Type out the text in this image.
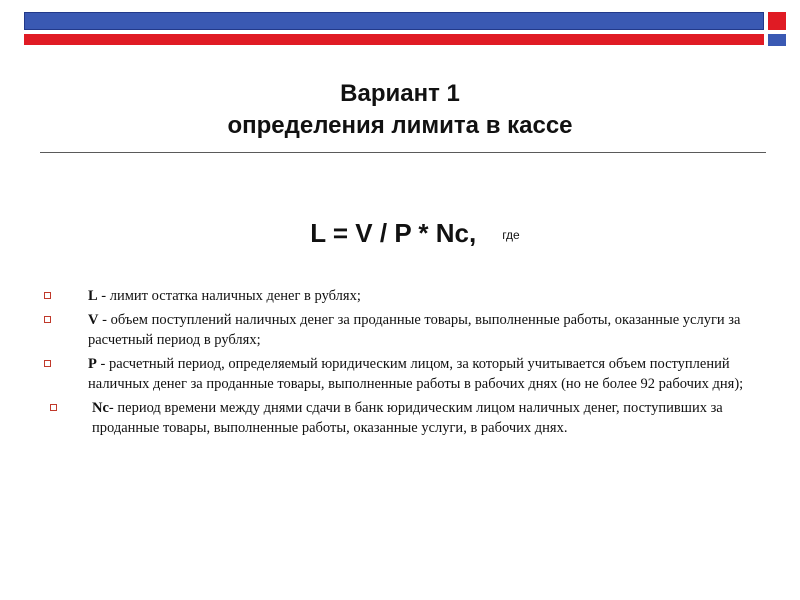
Вариант 1
определения лимита в кассе
L = V / P * Nc, где
L - лимит остатка наличных денег в рублях;
V - объем поступлений наличных денег за проданные товары, выполненные работы, оказанные услуги за расчетный период в рублях;
P - расчетный период, определяемый юридическим лицом, за который учитывается объем поступлений наличных денег за проданные товары, выполненные работы в рабочих днях (но не более 92 рабочих дня);
Nc- период времени между днями сдачи в банк юридическим лицом наличных денег, поступивших за проданные товары, выполненные работы, оказанные услуги, в рабочих днях.
